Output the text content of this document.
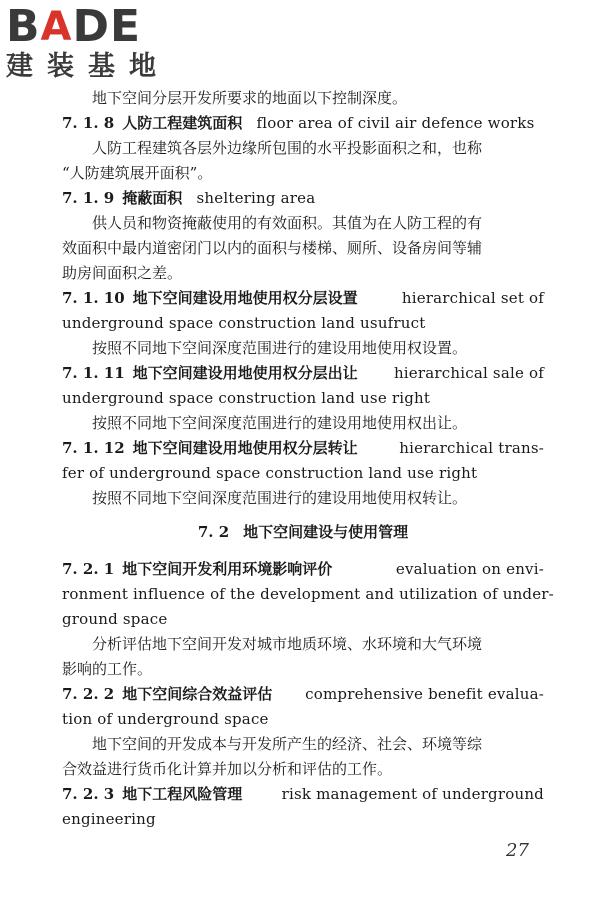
B A DE
建装基地
地下空间分层开发所要求的地面以下控制深度。
7. 1. 8 人防工程建筑面积 floor area of civil air defence works
人防工程建筑各层外边缘所包围的水平投影面积之和，也称
“人防建筑展开面积”。
7. 1. 9 掩蔽面积 sheltering area
供人员和物资掩蔽使用的有效面积。其值为在人防工程的有
效面积中最内道密闭门以内的面积与楼梯、厕所、设备房间等辅
助房间面积之差。
7. 1. 10 地下空间建设用地使用权分层设置	hierarchical set of
underground space construction land usufruct
按照不同地下空间深度范围进行的建设用地使用权设置。
7. 1. 11 地下空间建设用地使用权分层出让 hierarchical sale of
underground space construction land use right
按照不同地下空间深度范围进行的建设用地使用权出让。
7. 1. 12 地下空间建设用地使用权分层转让	hierarchical trans-
fer of underground space construction land use right
按照不同地下空间深度范围进行的建设用地使用权转让。
7. 2 地下空间建设与使用管理
7. 2. 1 地下空间开发利用环境影响评价	evaluation on envi-
ronment influence of the development and utilization of under-
ground space
分析评估地下空间开发对城市地质环境、水环境和大气环境
影响的工作。
7. 2. 2 地下空间综合效益评估 comprehensive benefit evalua-
tion of underground space
地下空间的开发成本与开发所产生的经济、社会、环境等综
合效益进行货币化计算并加以分析和评估的工作。
7. 2. 3 地下工程风险管理	risk management of underground
engineering
27
